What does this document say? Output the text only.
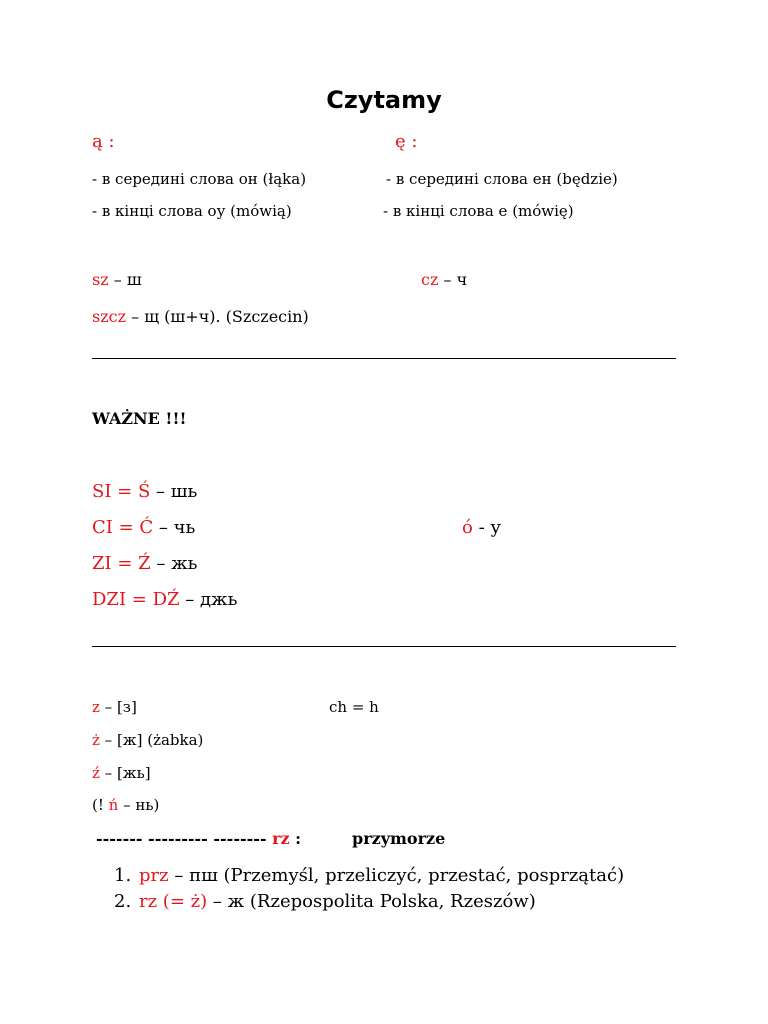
Czytamy
ą :	ę :
- в середині слова он (łąka)	- в середині слова ен (będzie)
- в кінці слова оу (mówią)	- в кінці слова е (mówię)
sz – ш	cz – ч
szcz – щ (ш+ч). (Szczecin)
WAŻNE !!!
SI = Ś – шь
CI = Ć – чь	ó - у
ZI = Ź – жь
DZI = DŹ – джь
z – [з]	ch = h
ż – [ж] (żabka)
ź – [жь]
(! ń – нь)
------- --------- -------- rz :	przymorze
1. prz – пш (Przemyśl, przeliczyć, przestać, posprzątać)
2. rz (= ż) – ж (Rzepospolita Polska, Rzeszów)
